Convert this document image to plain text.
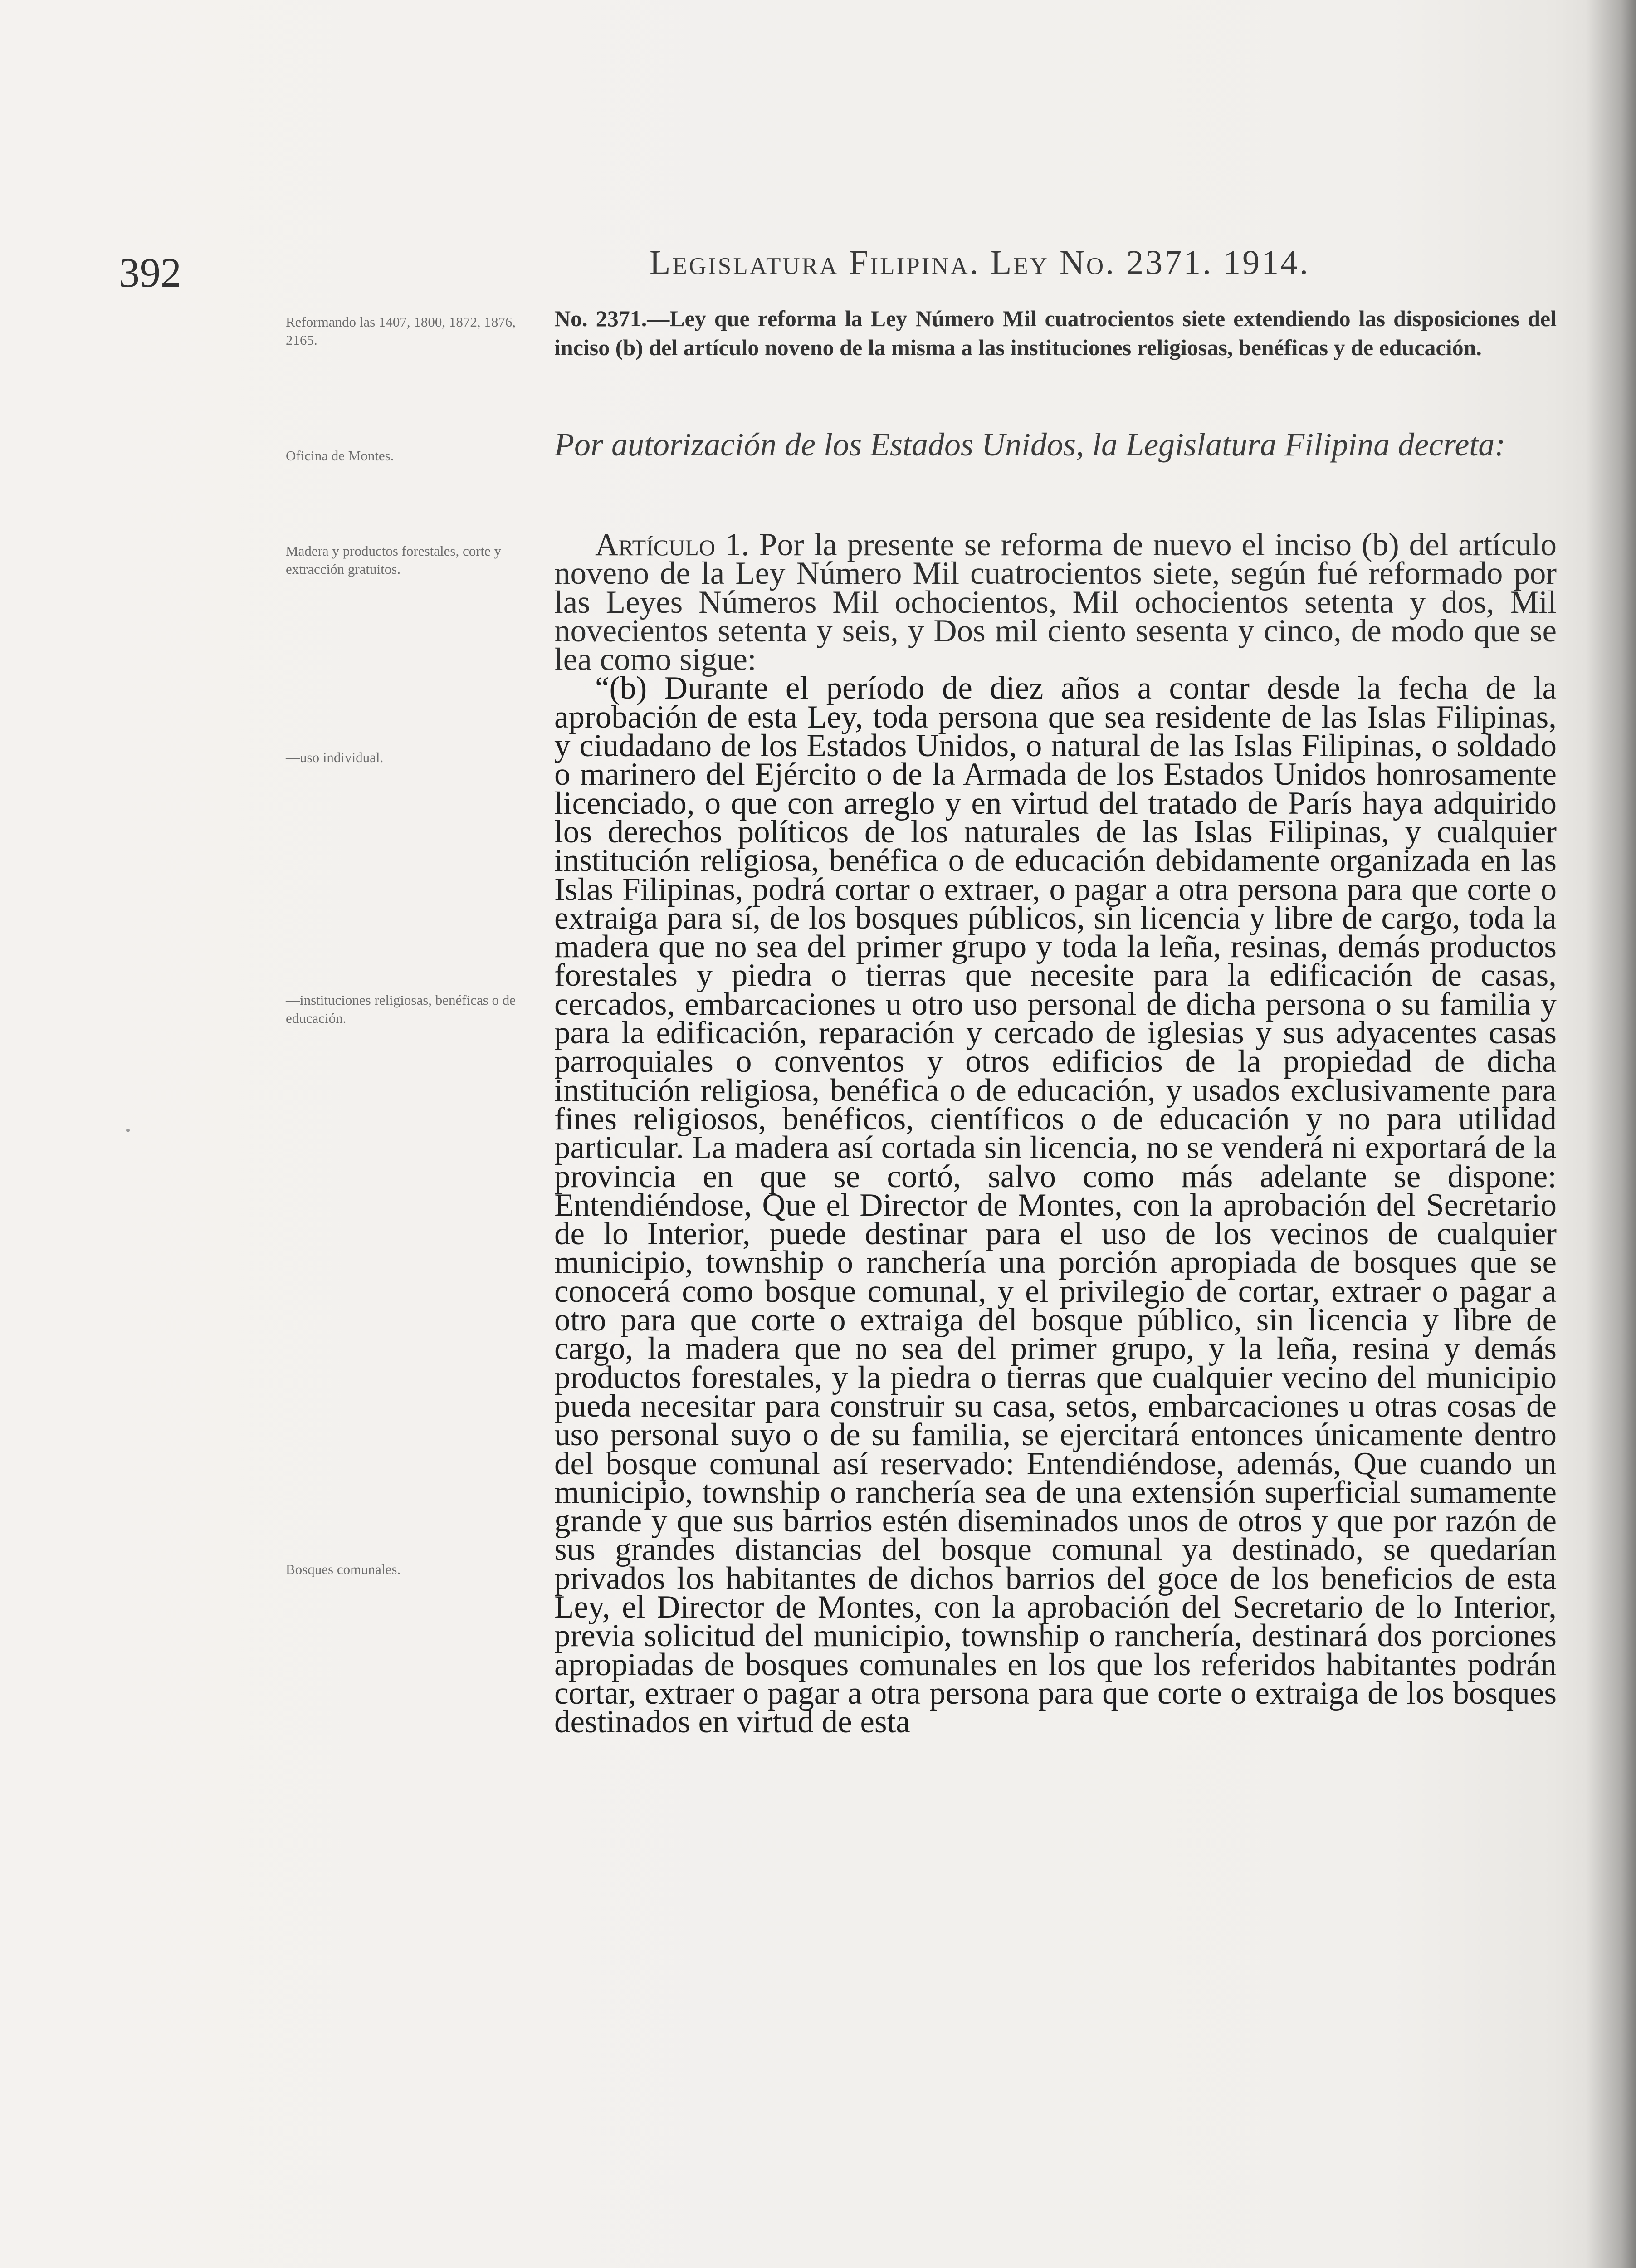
392	Legislatura Filipina. Ley No. 2371. 1914.
Reformando las 1407, 1800, 1872, 1876, 2165.
Oficina de Montes.
Madera y productos forestales, corte y extracción gratuitos.
—uso individual.
—instituciones religiosas, benéficas o de educación.
Bosques comunales.
No. 2371.—Ley que reforma la Ley Número Mil cuatrocientos siete extendiendo las disposiciones del inciso (b) del artículo noveno de la misma a las instituciones religiosas, benéficas y de educación.
Por autorización de los Estados Unidos, la Legislatura Filipina decreta:

Artículo 1. Por la presente se reforma de nuevo el inciso (b) del artículo noveno de la Ley Número Mil cuatrocientos siete, según fué reformado por las Leyes Números Mil ochocientos, Mil ochocientos setenta y dos, Mil novecientos setenta y seis, y Dos mil ciento sesenta y cinco, de modo que se lea como sigue:

“(b) Durante el período de diez años a contar desde la fecha de la aprobación de esta Ley, toda persona que sea residente de las Islas Filipinas, y ciudadano de los Estados Unidos, o natural de las Islas Filipinas, o soldado o marinero del Ejército o de la Armada de los Estados Unidos honrosamente licenciado, o que con arreglo y en virtud del tratado de París haya adquirido los derechos políticos de los naturales de las Islas Filipinas, y cualquier institución religiosa, benéfica o de educación debidamente organizada en las Islas Filipinas, podrá cortar o extraer, o pagar a otra persona para que corte o extraiga para sí, de los bosques públicos, sin licencia y libre de cargo, toda la madera que no sea del primer grupo y toda la leña, resinas, demás productos forestales y piedra o tierras que necesite para la edificación de casas, cercados, embarcaciones u otro uso personal de dicha persona o su familia y para la edificación, reparación y cercado de iglesias y sus adyacentes casas parroquiales o conventos y otros edificios de la propiedad de dicha institución religiosa, benéfica o de educación, y usados exclusivamente para fines religiosos, benéficos, científicos o de educación y no para utilidad particular. La madera así cortada sin licencia, no se venderá ni exportará de la provincia en que se cortó, salvo como más adelante se dispone: Entendiéndose, Que el Director de Montes, con la aprobación del Secretario de lo Interior, puede destinar para el uso de los vecinos de cualquier municipio, township o ranchería una porción apropiada de bosques que se conocerá como bosque comunal, y el privilegio de cortar, extraer o pagar a otro para que corte o extraiga del bosque público, sin licencia y libre de cargo, la madera que no sea del primer grupo, y la leña, resina y demás productos forestales, y la piedra o tierras que cualquier vecino del municipio pueda necesitar para construir su casa, setos, embarcaciones u otras cosas de uso personal suyo o de su familia, se ejercitará entonces únicamente dentro del bosque comunal así reservado: Entendiéndose, además, Que cuando un municipio, township o ranchería sea de una extensión superficial sumamente grande y que sus barrios estén diseminados unos de otros y que por razón de sus grandes distancias del bosque comunal ya destinado, se quedarían privados los habitantes de dichos barrios del goce de los beneficios de esta Ley, el Director de Montes, con la aprobación del Secretario de lo Interior, previa solicitud del municipio, township o ranchería, destinará dos porciones apropiadas de bosques comunales en los que los referidos habitantes podrán cortar, extraer o pagar a otra persona para que corte o extraiga de los bosques destinados en virtud de esta
